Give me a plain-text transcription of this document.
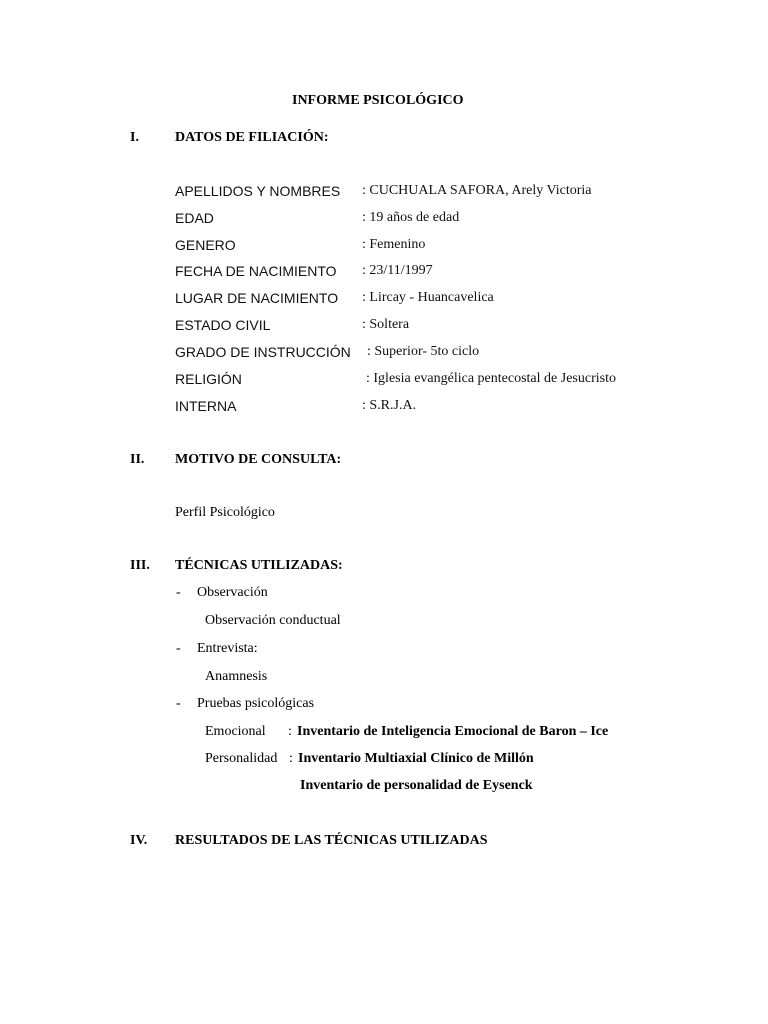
INFORME PSICOLÓGICO
I.	DATOS DE FILIACIÓN:
APELLIDOS Y NOMBRES : CUCHUALA SAFORA, Arely Victoria
EDAD	: 19 años de edad
GENERO	: Femenino
FECHA DE NACIMIENTO : 23/11/1997
LUGAR DE NACIMIENTO : Lircay - Huancavelica
ESTADO CIVIL	: Soltera
GRADO DE INSTRUCCIÓN : Superior- 5to ciclo
RELIGIÓN	: Iglesia evangélica pentecostal de Jesucristo
INTERNA	: S.R.J.A.
II. MOTIVO DE CONSULTA:
Perfil Psicológico
III. TÉCNICAS UTILIZADAS:
- Observación
Observación conductual
- Entrevista:
Anamnesis
- Pruebas psicológicas
Emocional : Inventario de Inteligencia Emocional de Baron – Ice
Personalidad : Inventario Multiaxial Clínico de Millón
Inventario de personalidad de Eysenck
IV. RESULTADOS DE LAS TÉCNICAS UTILIZADAS
